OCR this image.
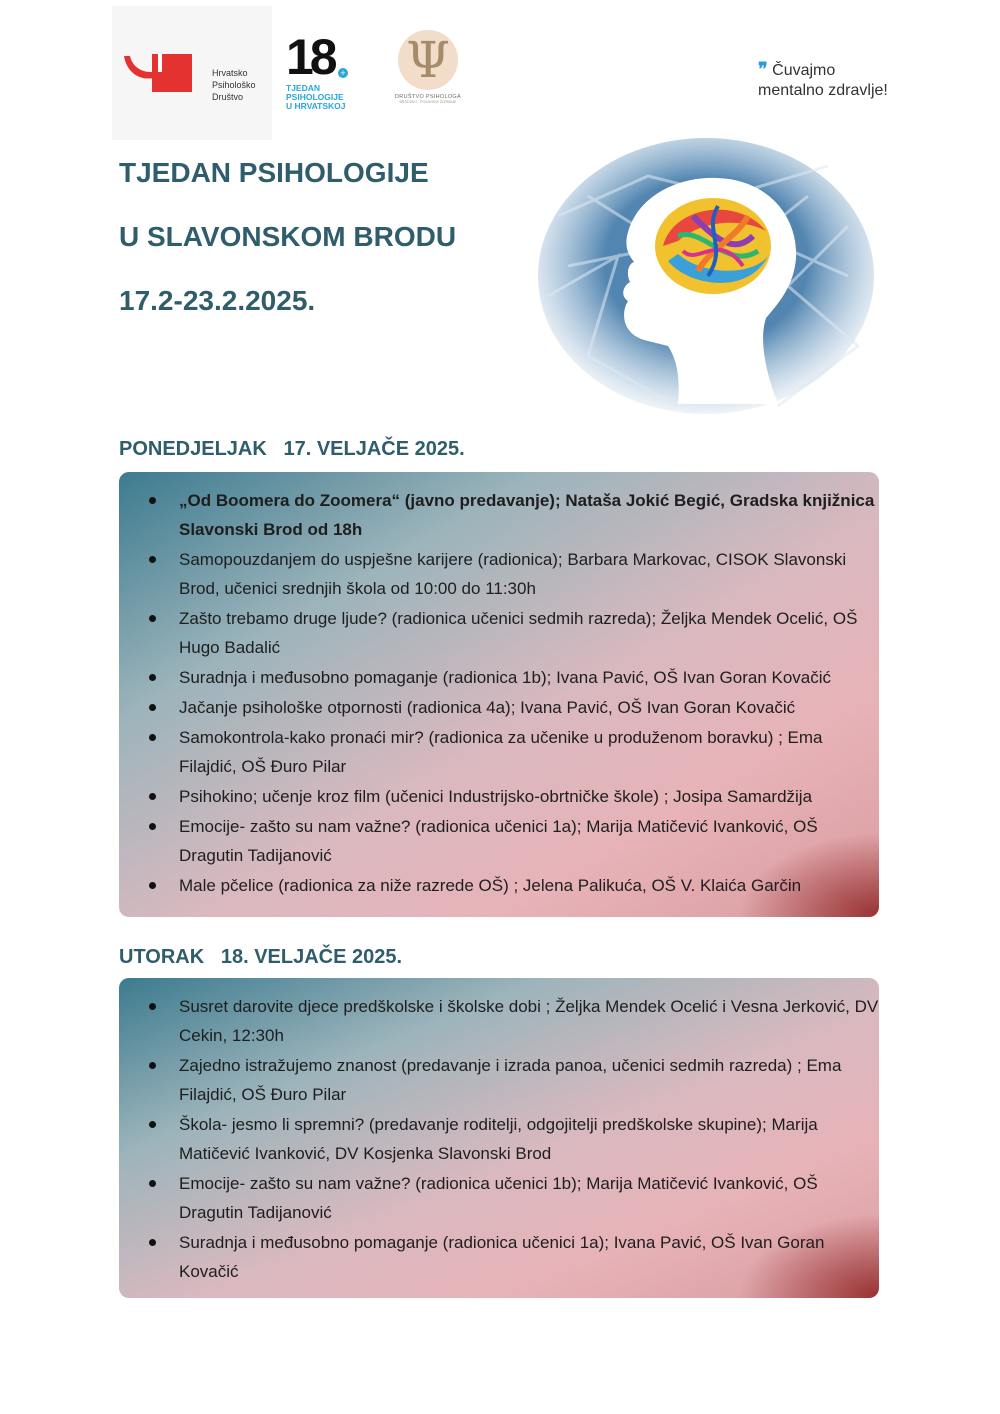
Hrvatsko
Psihološko
Društvo
18 +
TJEDAN
PSIHOLOGIJE
U HRVATSKOJ
Ψ
DRUŠTVO PSIHOLOGA
BRODSKO - POSAVSKE ŽUPANIJE
❞ Čuvajmo
mentalno zdravlje!
TJEDAN PSIHOLOGIJE
U SLAVONSKOM BRODU
17.2-23.2.2025.
PONEDJELJAK   17. VELJAČE 2025.
„Od Boomera do Zoomera“ (javno predavanje); Nataša Jokić Begić, Gradska knjižnica Slavonski Brod od 18h
Samopouzdanjem do uspješne karijere (radionica); Barbara Markovac, CISOK Slavonski Brod, učenici srednjih škola od 10:00 do 11:30h
Zašto trebamo druge ljude? (radionica učenici sedmih razreda); Željka Mendek Ocelić, OŠ Hugo Badalić
Suradnja i međusobno pomaganje (radionica 1b); Ivana Pavić, OŠ Ivan Goran Kovačić
Jačanje psihološke otpornosti (radionica 4a); Ivana Pavić, OŠ Ivan Goran Kovačić
Samokontrola-kako pronaći mir? (radionica za učenike u produženom boravku) ; Ema Filajdić, OŠ Đuro Pilar
Psihokino; učenje kroz film (učenici Industrijsko-obrtničke škole) ; Josipa Samardžija
Emocije- zašto su nam važne? (radionica učenici 1a); Marija Matičević Ivanković, OŠ Dragutin Tadijanović
Male pčelice (radionica za niže razrede OŠ) ; Jelena Palikuća, OŠ V. Klaića Garčin
UTORAK   18. VELJAČE 2025.
Susret darovite djece predškolske i školske dobi ; Željka Mendek Ocelić i Vesna Jerković, DV Cekin, 12:30h
Zajedno istražujemo znanost (predavanje i izrada panoa, učenici sedmih razreda) ; Ema Filajdić, OŠ Đuro Pilar
Škola- jesmo li spremni? (predavanje roditelji, odgojitelji predškolske skupine); Marija Matičević Ivanković, DV Kosjenka Slavonski Brod
Emocije- zašto su nam važne? (radionica učenici 1b); Marija Matičević Ivanković, OŠ Dragutin Tadijanović
Suradnja i međusobno pomaganje (radionica učenici 1a); Ivana Pavić, OŠ Ivan Goran Kovačić
